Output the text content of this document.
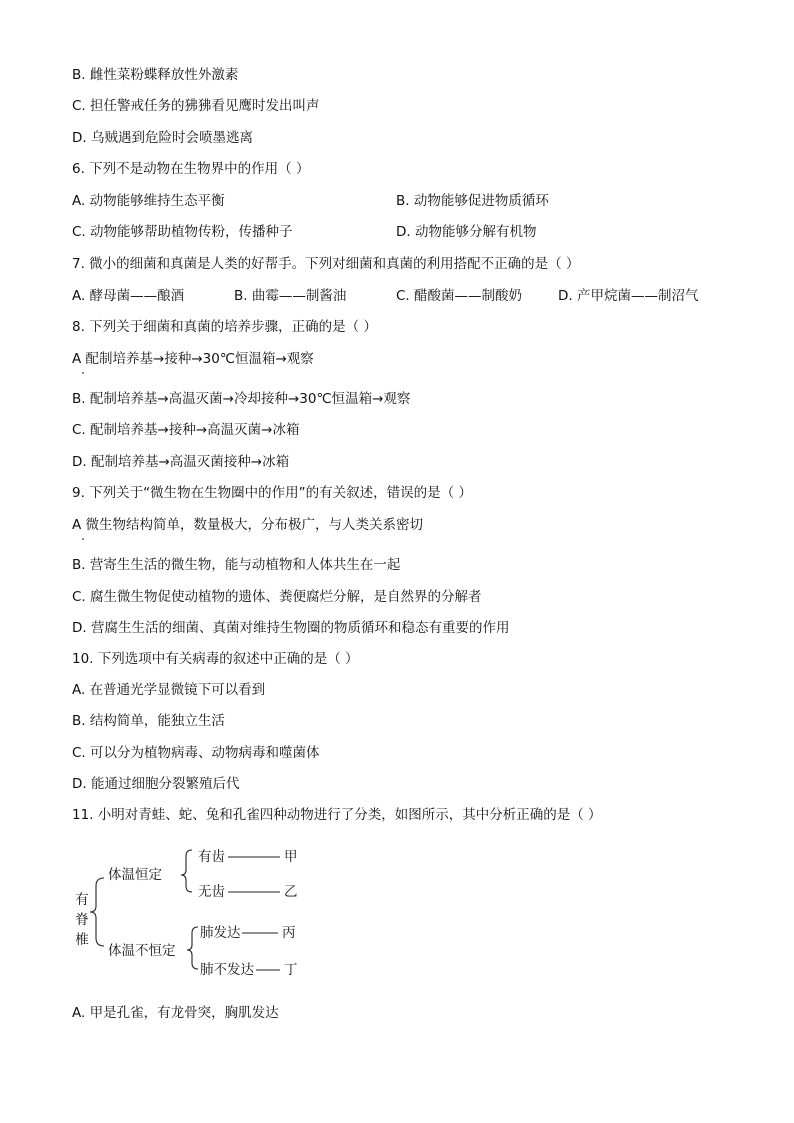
B. 雌性菜粉蝶释放性外激素
C. 担任警戒任务的狒狒看见鹰时发出叫声
D. 乌贼遇到危险时会喷墨逃离
6. 下列不是动物在生物界中的作用（ ）
A. 动物能够维持生态平衡	B. 动物能够促进物质循环
C. 动物能够帮助植物传粉，传播种子	D. 动物能够分解有机物
7. 微小的细菌和真菌是人类的好帮手。下列对细菌和真菌的利用搭配不正确的是（ ）
A. 酵母菌——酿酒	B. 曲霉——制酱油	C. 醋酸菌——制酸奶	D. 产甲烷菌——制沼气
8. 下列关于细菌和真菌的培养步骤，正确的是（ ）
A 配制培养基→接种→30℃恒温箱→观察
B. 配制培养基→高温灭菌→冷却接种→30℃恒温箱→观察
C. 配制培养基→接种→高温灭菌→冰箱
D. 配制培养基→高温灭菌接种→冰箱
9. 下列关于“微生物在生物圈中的作用”的有关叙述，错误的是（ ）
A 微生物结构简单，数量极大，分布极广，与人类关系密切
B. 营寄生生活的微生物，能与动植物和人体共生在一起
C. 腐生微生物促使动植物的遗体、粪便腐烂分解，是自然界的分解者
D. 营腐生生活的细菌、真菌对维持生物圈的物质循环和稳态有重要的作用
10. 下列选项中有关病毒的叙述中正确的是（ ）
A. 在普通光学显微镜下可以看到
B. 结构简单，能独立生活
C. 可以分为植物病毒、动物病毒和噬菌体
D. 能通过细胞分裂繁殖后代
11. 小明对青蛙、蛇、兔和孔雀四种动物进行了分类，如图所示，其中分析正确的是（ ）
有
脊
椎
体温恒定
体温不恒定
有齿
无齿
肺发达
肺不发达
甲
乙
丙
丁
A. 甲是孔雀，有龙骨突，胸肌发达
